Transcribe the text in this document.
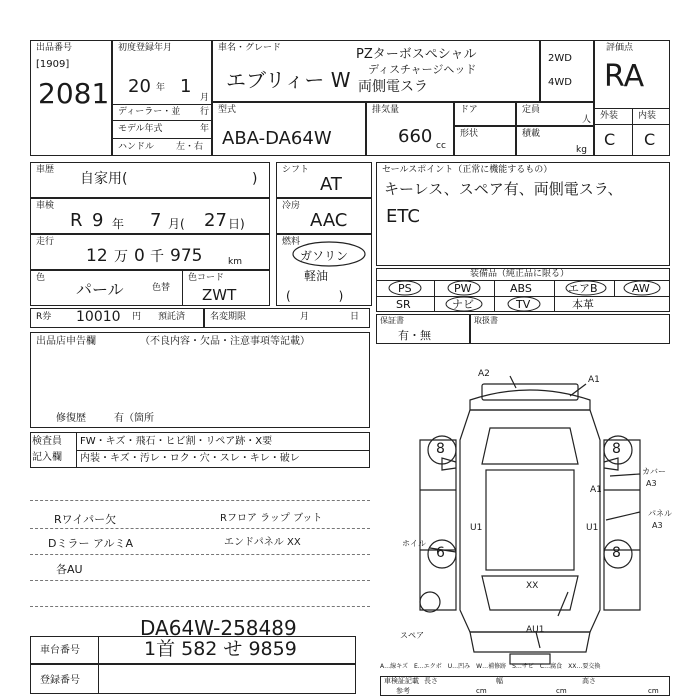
出品番号
[1909]
2081
初度登録年月
20 年 1
月
ディーラー・並 行
モデル年式	年
ハンドル 左・右
車名・グレード
エブリィー W
PZターボスペシャル
ディスチャージヘッド
両側電スラ
2WD
4WD
評価点
RA
外装 内装
C C
型式
ABA-DA64W
排気量
660 cc
ドア
形状
定員
人
積載
kg
車歴
自家用(	)
車検
R 9 年 7 月( 27 日)
走行
12 万 0 千 975	km
色
パール	色替
色コード
ZWT
シフト
AT
冷房
AAC
燃料
ガソリン
軽油
(　　　　)
セールスポイント（正常に機能するもの）
キーレス、スペア有、両側電スラ、
ETC
装備品（純正品に限る）
PS	PW	ABS	エアB	AW
SR	ナビ	TV	本革
R券 10010 円 預託済	名変期限	月	日	保証書
有・無
取扱書
出品店申告欄	（不良内容・欠品・注意事項等記載）
修復歴	有（箇所
検査員
記入欄
FW・キズ・飛石・ヒビ割・リペア跡・X要
内装・キズ・汚レ・ロク・穴・スレ・キレ・破レ
Rワイパー欠	Rフロア ラップ ブット
Dミラー アルミA	エンドパネル XX
各AU
DA64W-258489
車台番号	1首 582 せ 9859
登録番号	車検証記載
参考
長さ
cm
幅
cm
高さ
cm
A2
A1
A1
カバー
A3
U1	U1
パネル
A3
ホイル
XX
AU1
8	8
6	8
スペア
A…線キズ　E…エクボ　U…凹み　W…補修跡　S…サビ　C…腐食　XX…要交換
